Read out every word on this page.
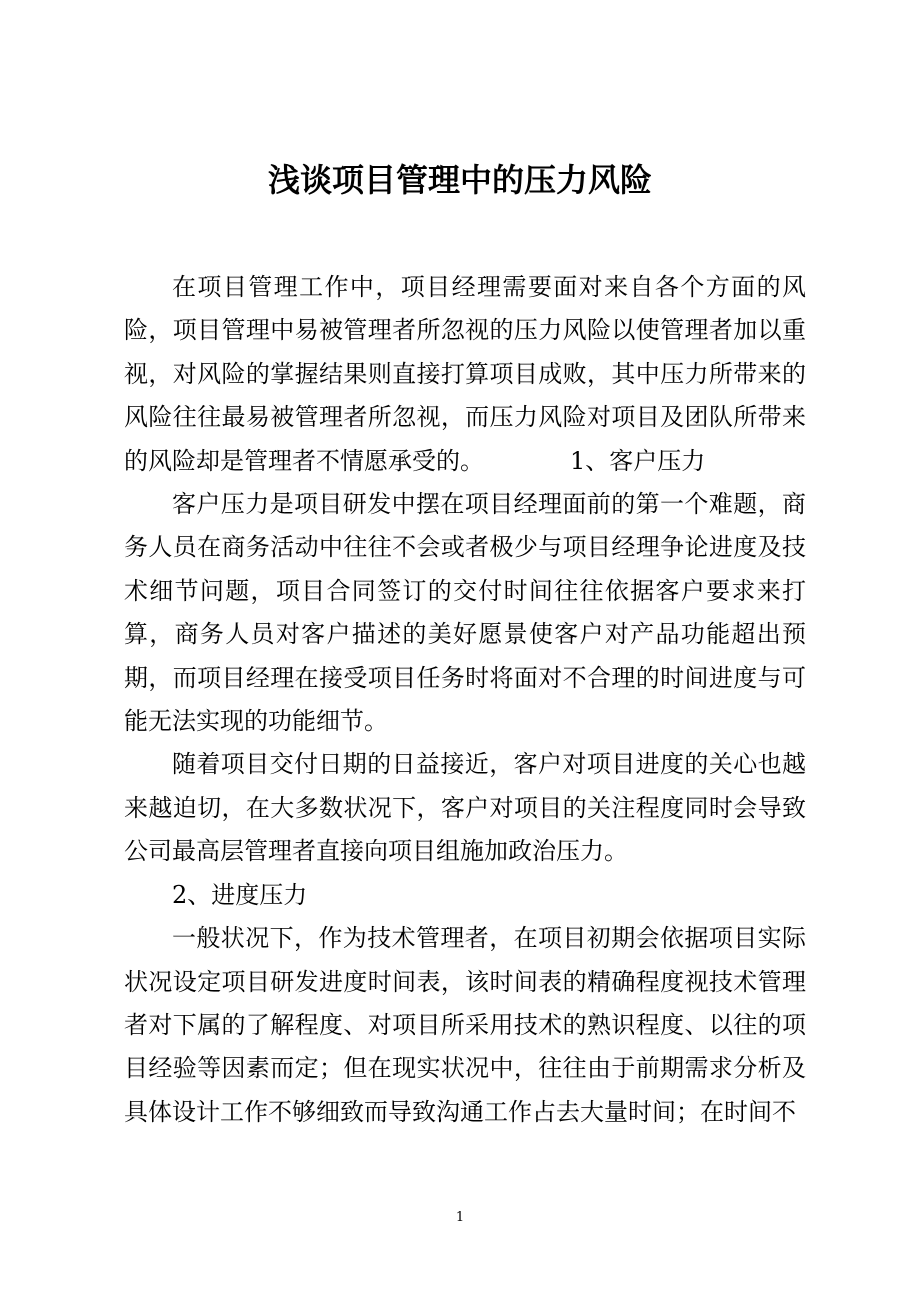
浅谈项目管理中的压力风险

在项目管理工作中，项目经理需要面对来自各个方面的风险，项目管理中易被管理者所忽视的压力风险以使管理者加以重视，对风险的掌握结果则直接打算项目成败，其中压力所带来的风险往往最易被管理者所忽视，而压力风险对项目及团队所带来的风险却是管理者不情愿承受的。	1、客户压力

客户压力是项目研发中摆在项目经理面前的第一个难题，商务人员在商务活动中往往不会或者极少与项目经理争论进度及技术细节问题，项目合同签订的交付时间往往依据客户要求来打算，商务人员对客户描述的美好愿景使客户对产品功能超出预期，而项目经理在接受项目任务时将面对不合理的时间进度与可能无法实现的功能细节。

随着项目交付日期的日益接近，客户对项目进度的关心也越来越迫切，在大多数状况下，客户对项目的关注程度同时会导致公司最高层管理者直接向项目组施加政治压力。

2、进度压力

一般状况下，作为技术管理者，在项目初期会依据项目实际状况设定项目研发进度时间表，该时间表的精确程度视技术管理者对下属的了解程度、对项目所采用技术的熟识程度、以往的项目经验等因素而定；但在现实状况中，往往由于前期需求分析及具体设计工作不够细致而导致沟通工作占去大量时间；在时间不

1
